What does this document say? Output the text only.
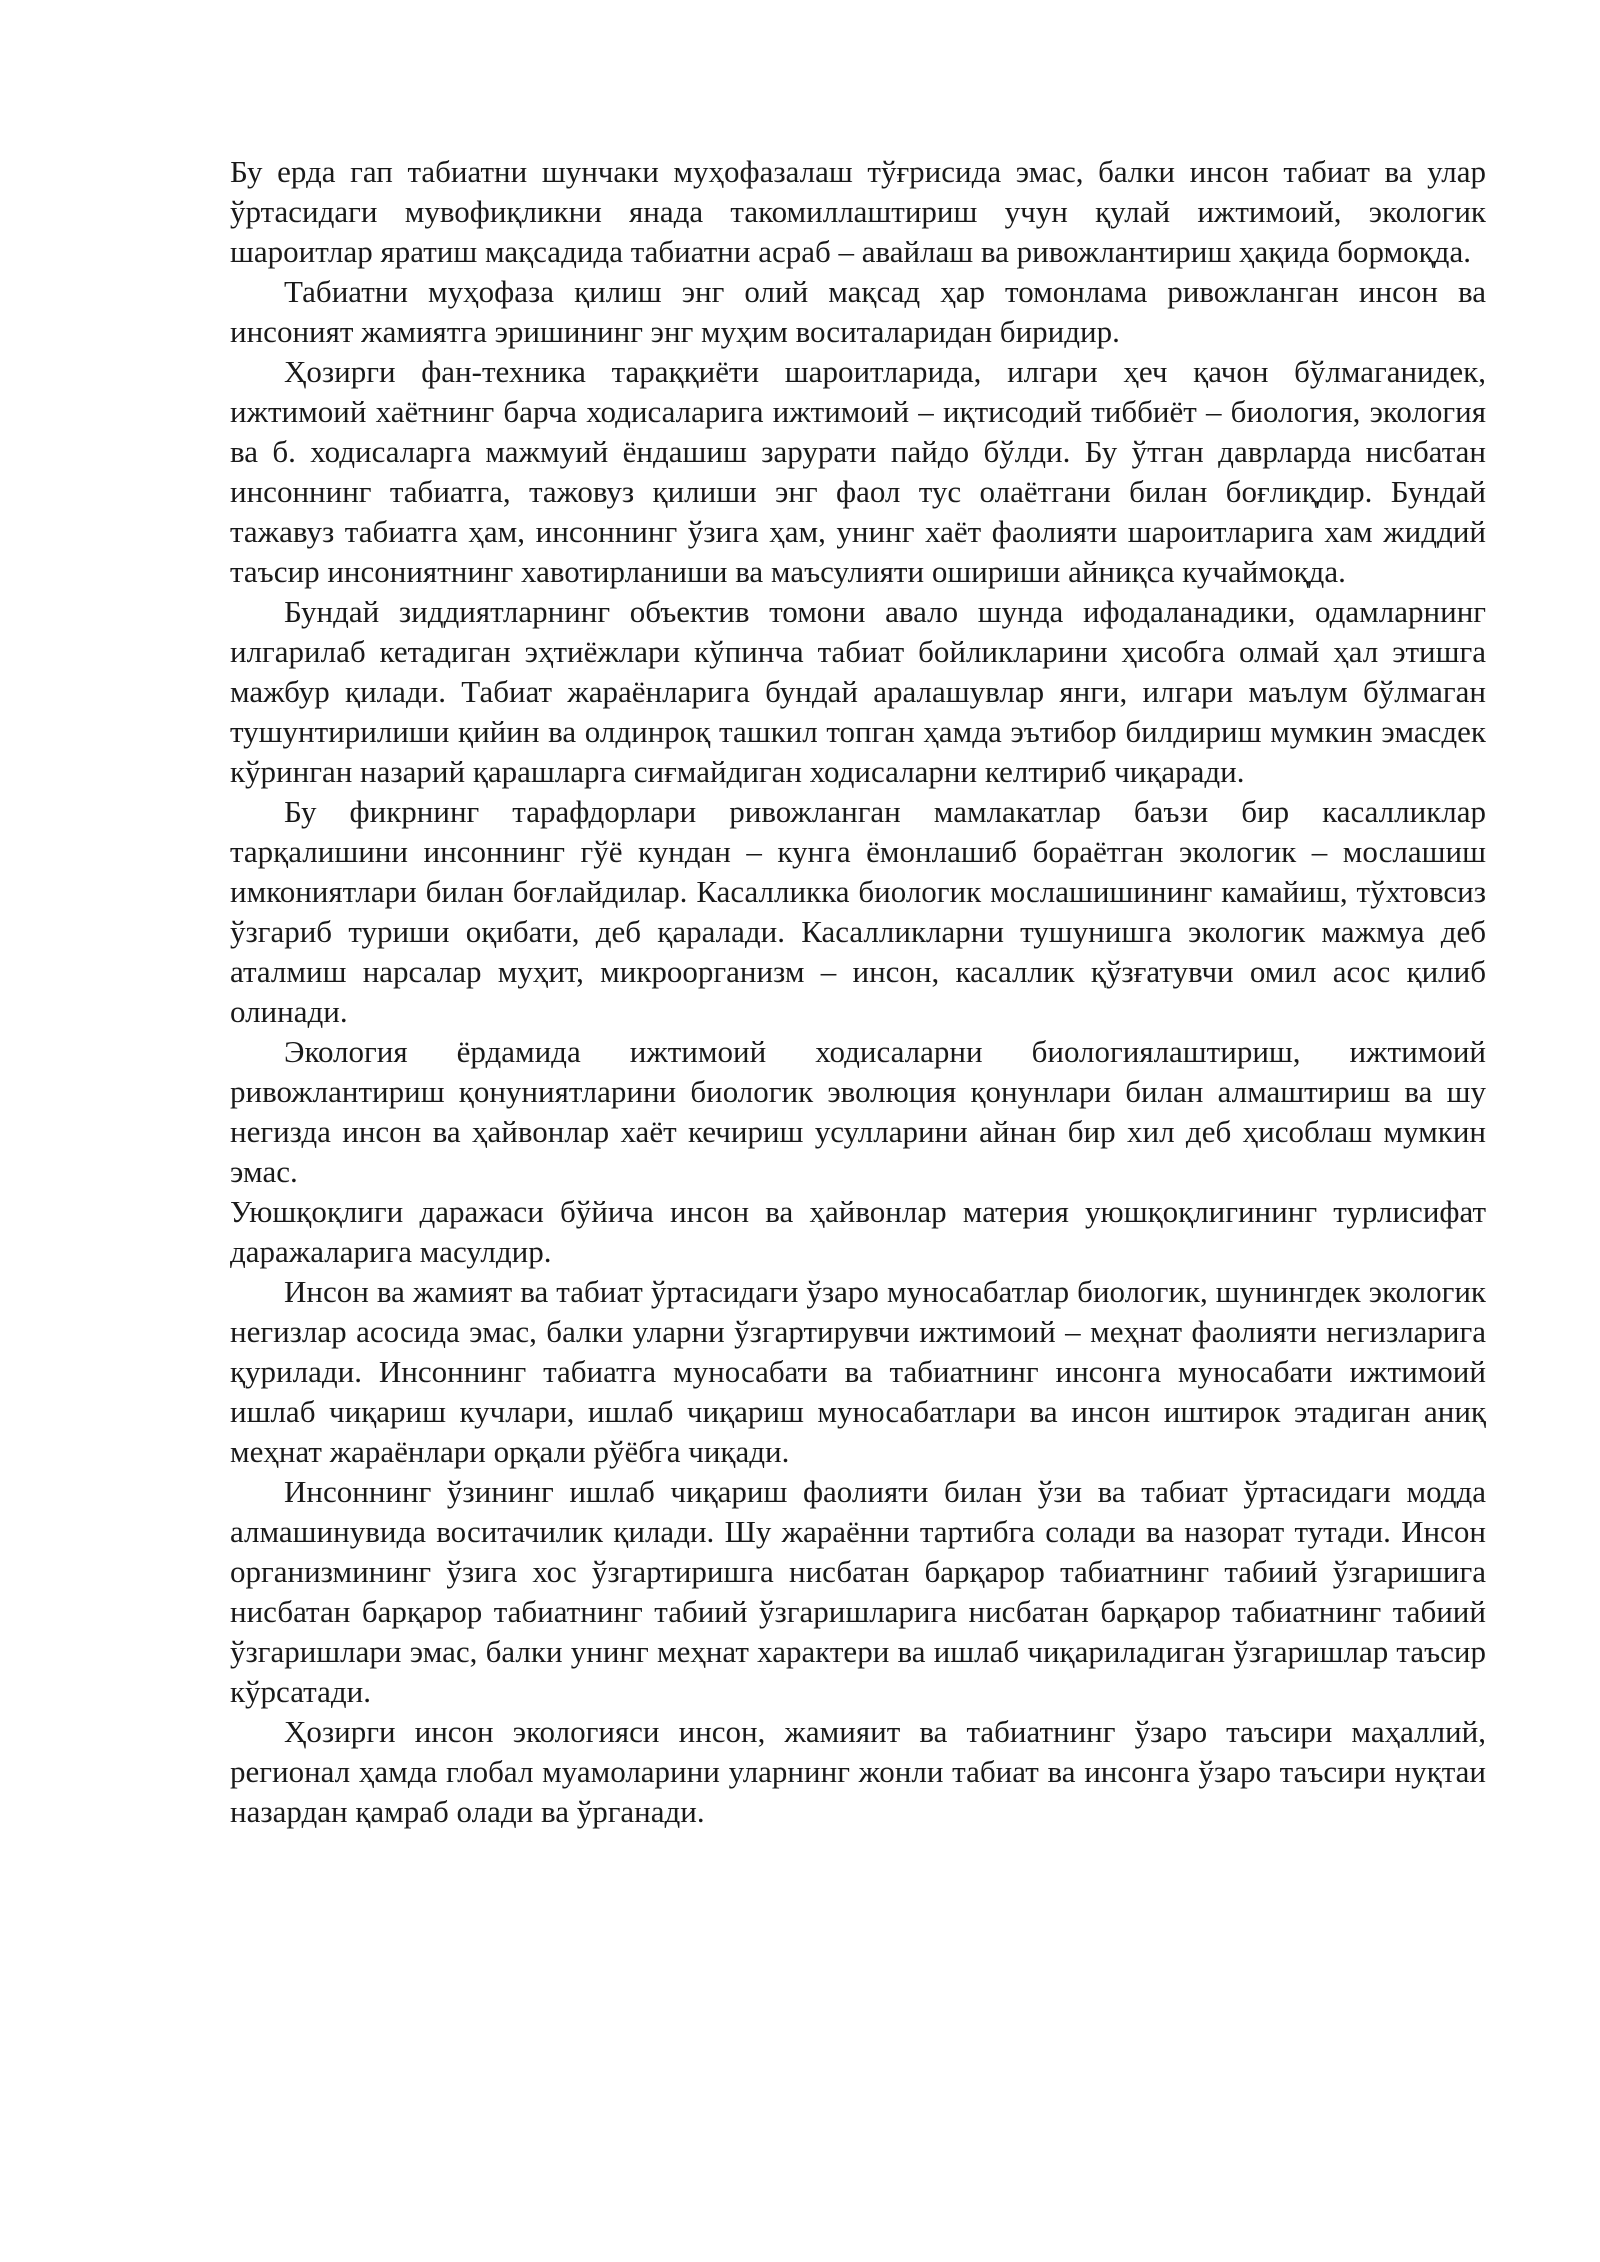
Бу ерда гап табиатни шунчаки муҳофазалаш тўғрисида эмас, балки инсон табиат ва улар ўртасидаги мувофиқликни янада такомиллаштириш учун қулай ижтимоий, экологик шароитлар яратиш мақсадида табиатни асраб – авайлаш ва ривожлантириш ҳақида бормоқда.

Табиатни муҳофаза қилиш энг олий мақсад ҳар томонлама ривожланган инсон ва инсоният жамиятга эришининг энг муҳим воситаларидан биридир.

Ҳозирги фан-техника тараққиёти шароитларида, илгари ҳеч қачон бўлмаганидек, ижтимоий хаётнинг барча ходисаларига ижтимоий – иқтисодий тиббиёт – биология, экология ва б. ходисаларга мажмуий ёндашиш зарурати пайдо бўлди. Бу ўтган даврларда нисбатан инсоннинг табиатга, тажовуз қилиши энг фаол тус олаётгани билан боғлиқдир. Бундай тажавуз табиатга ҳам, инсоннинг ўзига ҳам, унинг хаёт фаолияти шароитларига хам жиддий таъсир инсониятнинг хавотирланиши ва маъсулияти ошириши айниқса кучаймоқда.

Бундай зиддиятларнинг объектив томони авало шунда ифодаланадики, одамларнинг илгарилаб кетадиган эҳтиёжлари кўпинча табиат бойликларини ҳисобга олмай ҳал этишга мажбур қилади. Табиат жараёнларига бундай аралашувлар янги, илгари маълум бўлмаган тушунтирилиши қийин ва олдинроқ ташкил топган ҳамда эътибор билдириш мумкин эмасдек кўринган назарий қарашларга сиғмайдиган ходисаларни келтириб чиқаради.

Бу фикрнинг тарафдорлари ривожланган мамлакатлар баъзи бир касалликлар тарқалишини инсоннинг гўё кундан – кунга ёмонлашиб бораётган экологик – мослашиш имкониятлари билан боғлайдилар. Касалликка биологик мослашишининг камайиш, тўхтовсиз ўзгариб туриши оқибати, деб қаралади. Касалликларни тушунишга экологик мажмуа деб аталмиш нарсалар муҳит, микроорганизм – инсон, касаллик қўзғатувчи омил асос қилиб олинади.

Экология ёрдамида ижтимоий ходисаларни биологиялаштириш, ижтимоий ривожлантириш қонуниятларини биологик эволюция қонунлари билан алмаштириш ва шу негизда инсон ва ҳайвонлар хаёт кечириш усулларини айнан бир хил деб ҳисоблаш мумкин эмас.

Уюшқоқлиги даражаси бўйича инсон ва ҳайвонлар материя уюшқоқлигининг турлисифат даражаларига масулдир.

Инсон ва жамият ва табиат ўртасидаги ўзаро муносабатлар биологик, шунингдек экологик негизлар асосида эмас, балки уларни ўзгартирувчи ижтимоий – меҳнат фаолияти негизларига қурилади. Инсоннинг табиатга муносабати ва табиатнинг инсонга муносабати ижтимоий ишлаб чиқариш кучлари, ишлаб чиқариш муносабатлари ва инсон иштирок этадиган аниқ меҳнат жараёнлари орқали рўёбга чиқади.

Инсоннинг ўзининг ишлаб чиқариш фаолияти билан ўзи ва табиат ўртасидаги модда алмашинувида воситачилик қилади. Шу жараённи тартибга солади ва назорат тутади. Инсон организмининг ўзига хос ўзгартиришга нисбатан барқарор табиатнинг табиий ўзгаришига нисбатан барқарор табиатнинг табиий ўзгаришларига нисбатан барқарор табиатнинг табиий ўзгаришлари эмас, балки унинг меҳнат характери ва ишлаб чиқариладиган ўзгаришлар таъсир кўрсатади.

Ҳозирги инсон экологияси инсон, жамияит ва табиатнинг ўзаро таъсири маҳаллий, регионал ҳамда глобал муамоларини уларнинг жонли табиат ва инсонга ўзаро таъсири нуқтаи назардан қамраб олади ва ўрганади.
